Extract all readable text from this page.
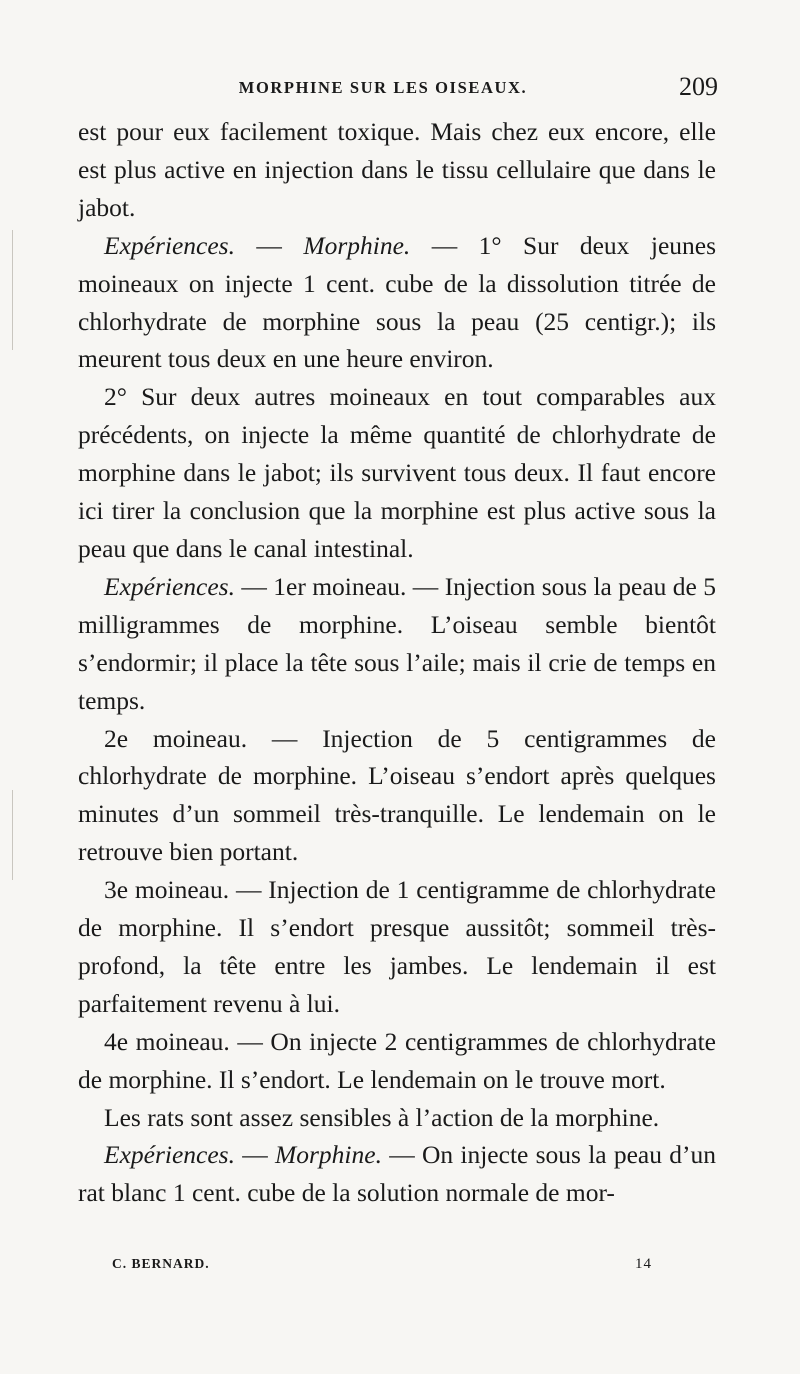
MORPHINE SUR LES OISEAUX.	209

est pour eux facilement toxique. Mais chez eux encore, elle est plus active en injection dans le tissu cellulaire que dans le jabot.

Expériences. — Morphine. — 1° Sur deux jeunes moineaux on injecte 1 cent. cube de la dissolution titrée de chlorhydrate de morphine sous la peau (25 centigr.); ils meurent tous deux en une heure environ.

2° Sur deux autres moineaux en tout comparables aux précédents, on injecte la même quantité de chlorhydrate de morphine dans le jabot; ils survivent tous deux. Il faut encore ici tirer la conclusion que la morphine est plus active sous la peau que dans le canal intestinal.

Expériences. — 1er moineau. — Injection sous la peau de 5 milligrammes de morphine. L’oiseau semble bientôt s’endormir; il place la tête sous l’aile; mais il crie de temps en temps.

2e moineau. — Injection de 5 centigrammes de chlorhydrate de morphine. L’oiseau s’endort après quelques minutes d’un sommeil très-tranquille. Le lendemain on le retrouve bien portant.

3e moineau. — Injection de 1 centigramme de chlorhydrate de morphine. Il s’endort presque aussitôt; sommeil très-profond, la tête entre les jambes. Le lendemain il est parfaitement revenu à lui.

4e moineau. — On injecte 2 centigrammes de chlorhydrate de morphine. Il s’endort. Le lendemain on le trouve mort.

Les rats sont assez sensibles à l’action de la morphine.

Expériences. — Morphine. — On injecte sous la peau d’un rat blanc 1 cent. cube de la solution normale de mor-

C. BERNARD.	14
